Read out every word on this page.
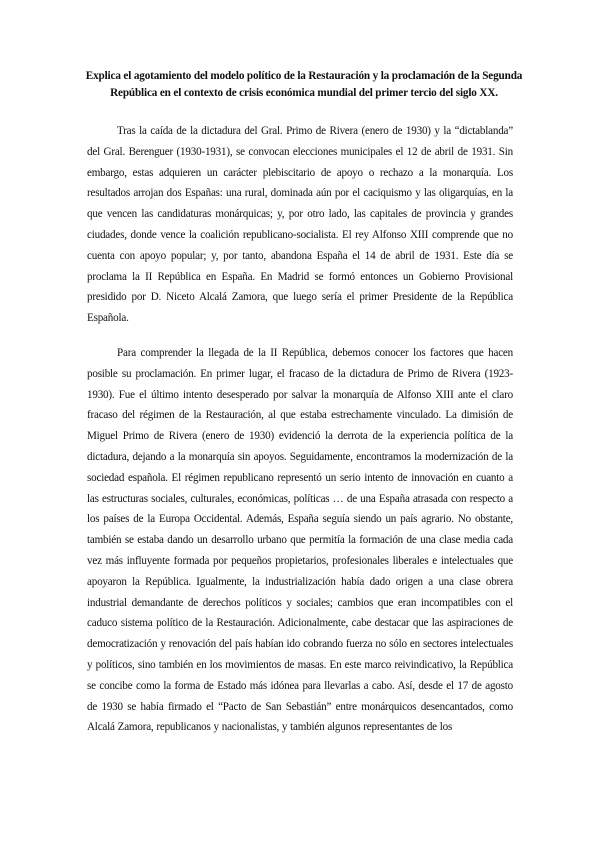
Explica el agotamiento del modelo político de la Restauración y la proclamación de la Segunda República en el contexto de crisis económica mundial del primer tercio del siglo XX.

Tras la caída de la dictadura del Gral. Primo de Rivera (enero de 1930) y la “dictablanda” del Gral. Berenguer (1930-1931), se convocan elecciones municipales el 12 de abril de 1931. Sin embargo, estas adquieren un carácter plebiscitario de apoyo o rechazo a la monarquía. Los resultados arrojan dos Españas: una rural, dominada aún por el caciquismo y las oligarquías, en la que vencen las candidaturas monárquicas; y, por otro lado, las capitales de provincia y grandes ciudades, donde vence la coalición republicano-socialista. El rey Alfonso XIII comprende que no cuenta con apoyo popular; y, por tanto, abandona España el 14 de abril de 1931. Este día se proclama la II República en España. En Madrid se formó entonces un Gobierno Provisional presidido por D. Niceto Alcalá Zamora, que luego sería el primer Presidente de la República Española.

Para comprender la llegada de la II República, debemos conocer los factores que hacen posible su proclamación. En primer lugar, el fracaso de la dictadura de Primo de Rivera (1923-1930). Fue el último intento desesperado por salvar la monarquía de Alfonso XIII ante el claro fracaso del régimen de la Restauración, al que estaba estrechamente vinculado. La dimisión de Miguel Primo de Rivera (enero de 1930) evidenció la derrota de la experiencia política de la dictadura, dejando a la monarquía sin apoyos. Seguidamente, encontramos la modernización de la sociedad española. El régimen republicano representó un serio intento de innovación en cuanto a las estructuras sociales, culturales, económicas, políticas … de una España atrasada con respecto a los países de la Europa Occidental. Además, España seguía siendo un país agrario. No obstante, también se estaba dando un desarrollo urbano que permitía la formación de una clase media cada vez más influyente formada por pequeños propietarios, profesionales liberales e intelectuales que apoyaron la República. Igualmente, la industrialización había dado origen a una clase obrera industrial demandante de derechos políticos y sociales; cambios que eran incompatibles con el caduco sistema político de la Restauración. Adicionalmente, cabe destacar que las aspiraciones de democratización y renovación del país habían ido cobrando fuerza no sólo en sectores intelectuales y políticos, sino también en los movimientos de masas. En este marco reivindicativo, la República se concibe como la forma de Estado más idónea para llevarlas a cabo. Así, desde el 17 de agosto de 1930 se había firmado el “Pacto de San Sebastián” entre monárquicos desencantados, como Alcalá Zamora, republicanos y nacionalistas, y también algunos representantes de los
